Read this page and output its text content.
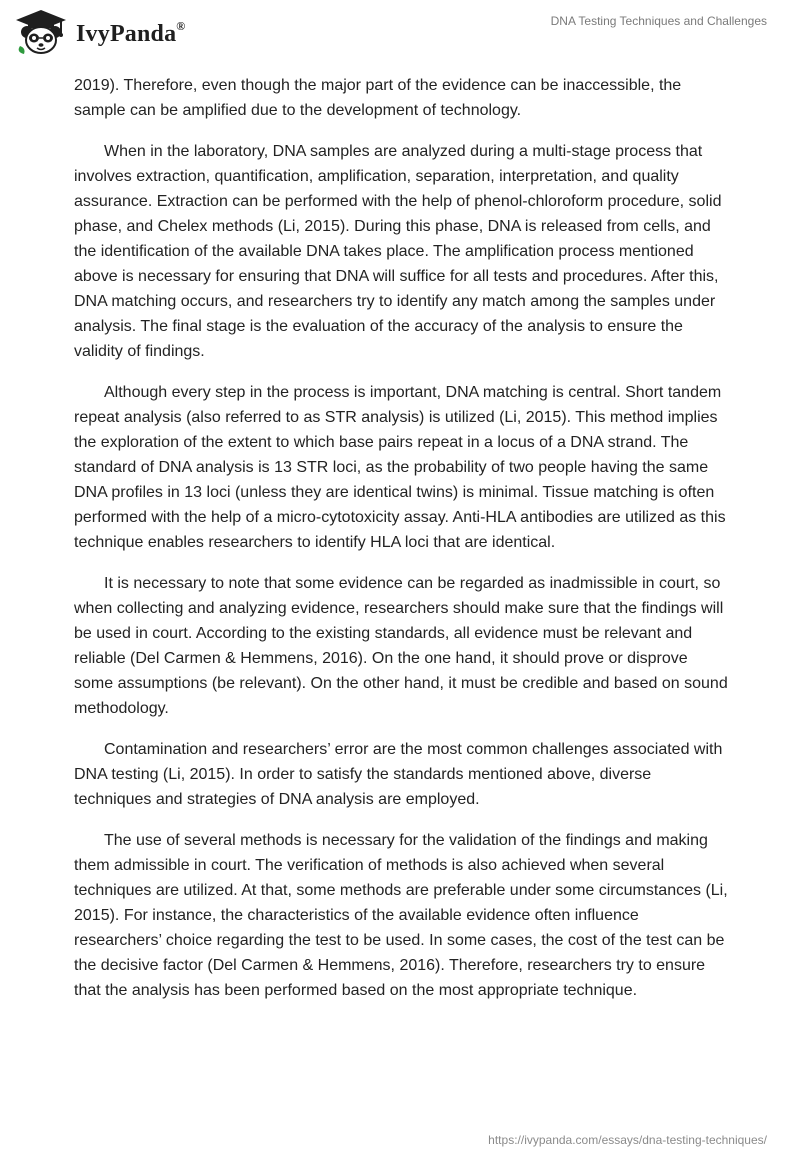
IvyPanda®	DNA Testing Techniques and Challenges

2019). Therefore, even though the major part of the evidence can be inaccessible, the sample can be amplified due to the development of technology.

When in the laboratory, DNA samples are analyzed during a multi-stage process that involves extraction, quantification, amplification, separation, interpretation, and quality assurance. Extraction can be performed with the help of phenol-chloroform procedure, solid phase, and Chelex methods (Li, 2015). During this phase, DNA is released from cells, and the identification of the available DNA takes place. The amplification process mentioned above is necessary for ensuring that DNA will suffice for all tests and procedures. After this, DNA matching occurs, and researchers try to identify any match among the samples under analysis. The final stage is the evaluation of the accuracy of the analysis to ensure the validity of findings.

Although every step in the process is important, DNA matching is central. Short tandem repeat analysis (also referred to as STR analysis) is utilized (Li, 2015). This method implies the exploration of the extent to which base pairs repeat in a locus of a DNA strand. The standard of DNA analysis is 13 STR loci, as the probability of two people having the same DNA profiles in 13 loci (unless they are identical twins) is minimal. Tissue matching is often performed with the help of a micro-cytotoxicity assay. Anti-HLA antibodies are utilized as this technique enables researchers to identify HLA loci that are identical.

It is necessary to note that some evidence can be regarded as inadmissible in court, so when collecting and analyzing evidence, researchers should make sure that the findings will be used in court. According to the existing standards, all evidence must be relevant and reliable (Del Carmen & Hemmens, 2016). On the one hand, it should prove or disprove some assumptions (be relevant). On the other hand, it must be credible and based on sound methodology.

Contamination and researchers’ error are the most common challenges associated with DNA testing (Li, 2015). In order to satisfy the standards mentioned above, diverse techniques and strategies of DNA analysis are employed.

The use of several methods is necessary for the validation of the findings and making them admissible in court. The verification of methods is also achieved when several techniques are utilized. At that, some methods are preferable under some circumstances (Li, 2015). For instance, the characteristics of the available evidence often influence researchers’ choice regarding the test to be used. In some cases, the cost of the test can be the decisive factor (Del Carmen & Hemmens, 2016). Therefore, researchers try to ensure that the analysis has been performed based on the most appropriate technique.

https://ivypanda.com/essays/dna-testing-techniques/
